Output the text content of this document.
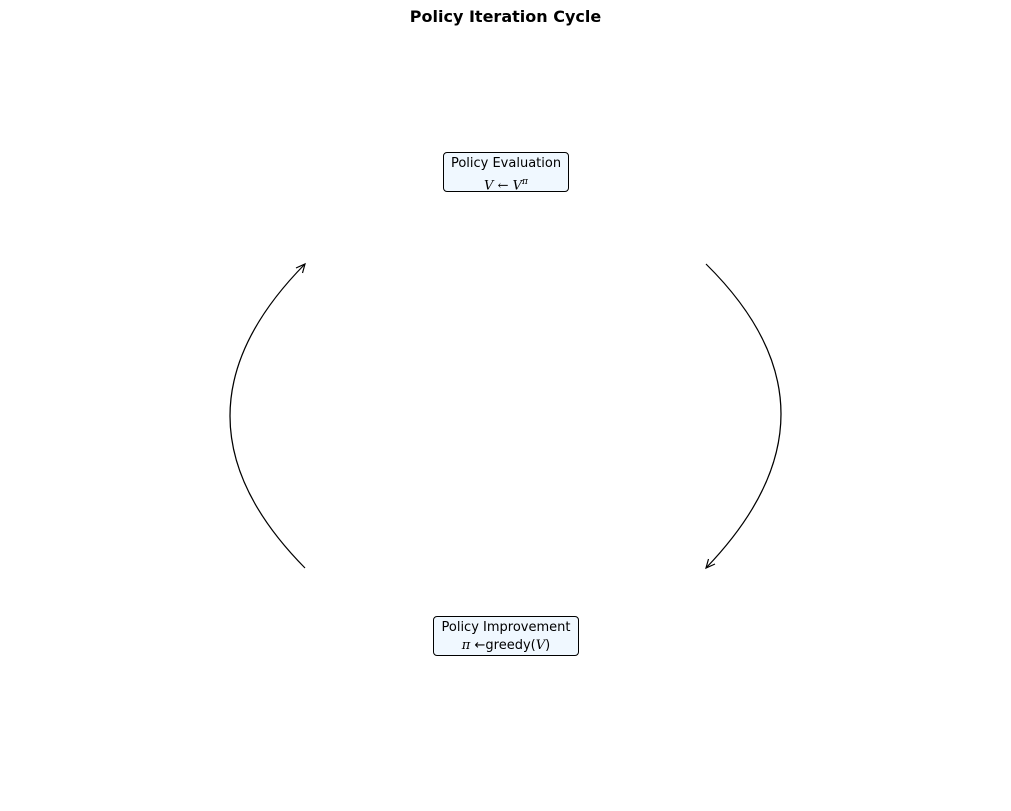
Policy Iteration Cycle
Policy Evaluation
V ← $V^\pi$
Policy Improvement
π ←greedy(V)
